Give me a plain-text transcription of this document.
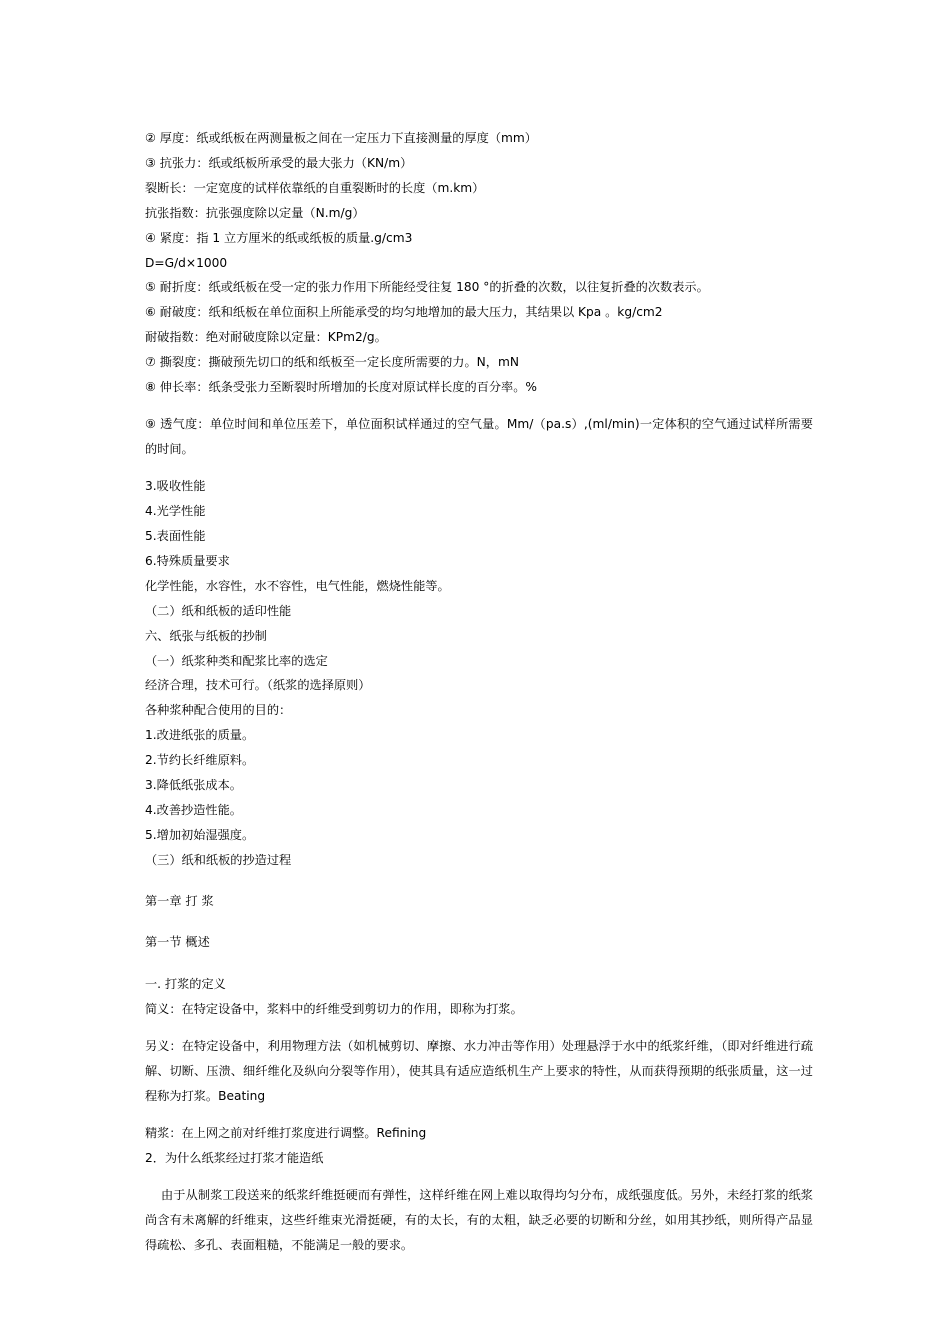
② 厚度：纸或纸板在两测量板之间在一定压力下直接测量的厚度（mm）

③ 抗张力：纸或纸板所承受的最大张力（KN/m）

裂断长：一定宽度的试样依靠纸的自重裂断时的长度（m.km）

抗张指数：抗张强度除以定量（N.m/g）

④ 紧度：指 1 立方厘米的纸或纸板的质量.g/cm3

D=G/d×1000

⑤ 耐折度：纸或纸板在受一定的张力作用下所能经受往复 180 °的折叠的次数，以往复折叠的次数表示。

⑥ 耐破度：纸和纸板在单位面积上所能承受的均匀地增加的最大压力，其结果以 Kpa 。kg/cm2

耐破指数：绝对耐破度除以定量：KPm2/g。

⑦ 撕裂度：撕破预先切口的纸和纸板至一定长度所需要的力。N，mN

⑧ 伸长率：纸条受张力至断裂时所增加的长度对原试样长度的百分率。%

⑨ 透气度：单位时间和单位压差下，单位面积试样通过的空气量。Mm/（pa.s）,(ml/min)一定体积的空气通过试样所需要的时间。

3.吸收性能

4.光学性能

5.表面性能

6.特殊质量要求

化学性能，水容性，水不容性，电气性能，燃烧性能等。

（二）纸和纸板的适印性能

六、纸张与纸板的抄制

（一）纸浆种类和配浆比率的选定

经济合理，技术可行。（纸浆的选择原则）

各种浆种配合使用的目的：

1.改进纸张的质量。

2.节约长纤维原料。

3.降低纸张成本。

4.改善抄造性能。

5.增加初始湿强度。

（三）纸和纸板的抄造过程

第一章 打 浆

第一节 概述

一. 打浆的定义

简义：在特定设备中，浆料中的纤维受到剪切力的作用，即称为打浆。

另义：在特定设备中，利用物理方法（如机械剪切、摩擦、水力冲击等作用）处理悬浮于水中的纸浆纤维，（即对纤维进行疏解、切断、压溃、细纤维化及纵向分裂等作用），使其具有适应造纸机生产上要求的特性，从而获得预期的纸张质量，这一过程称为打浆。Beating

精浆：在上网之前对纤维打浆度进行调整。Refining

2．为什么纸浆经过打浆才能造纸

由于从制浆工段送来的纸浆纤维挺硬而有弹性，这样纤维在网上难以取得均匀分布，成纸强度低。另外，未经打浆的纸浆尚含有未离解的纤维束，这些纤维束光滑挺硬，有的太长，有的太粗，缺乏必要的切断和分丝，如用其抄纸，则所得产品显得疏松、多孔、表面粗糙，不能满足一般的要求。
